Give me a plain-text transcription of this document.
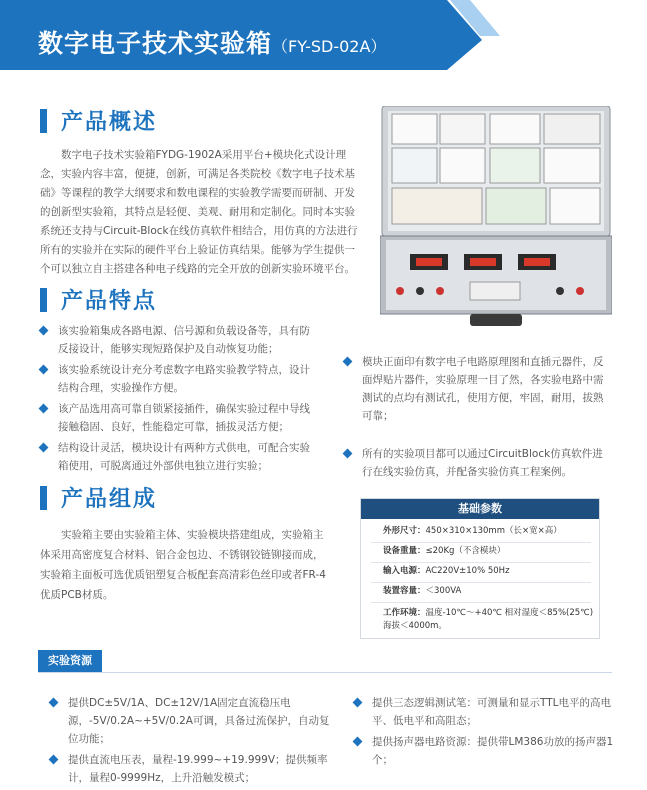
数字电子技术实验箱（FY-SD-02A）
产品概述
数字电子技术实验箱FYDG-1902A采用平台+模块化式设计理念，实验内容丰富，便捷，创新，可满足各类院校《数字电子技术基础》等课程的教学大纲要求和数电课程的实验教学需要而研制、开发的创新型实验箱，其特点是轻便、美观、耐用和定制化。同时本实验系统还支持与Circuit-Block在线仿真软件相结合，用仿真的方法进行所有的实验并在实际的硬件平台上验证仿真结果。能够为学生提供一个可以独立自主搭建各种电子线路的完全开放的创新实验环境平台。
产品特点
该实验箱集成各路电源、信号源和负载设备等，具有防反接设计，能够实现短路保护及自动恢复功能；
该实验系统设计充分考虑数字电路实验教学特点，设计结构合理，实验操作方便。
该产品选用高可靠自锁紧接插件，确保实验过程中导线接触稳固、良好，性能稳定可靠，插拔灵活方便；
结构设计灵活，模块设计有两种方式供电，可配合实验箱使用，可脱离通过外部供电独立进行实验；
模块正面印有数字电子电路原理图和直插元器件，反面焊贴片器件，实验原理一目了然，各实验电路中需测试的点均有测试孔，使用方便，牢固，耐用，拔熟可靠；
所有的实验项目都可以通过CircuitBlock仿真软件进行在线实验仿真，并配备实验仿真工程案例。
产品组成
实验箱主要由实验箱主体、实验模块搭建组成，实验箱主体采用高密度复合材料、铝合金包边、不锈钢铰链铆接而成，实验箱主面板可选优质铝塑复合板配套高清彩色丝印或者FR-4优质PCB材质。
基础参数
外形尺寸：450×310×130mm（长×宽×高）
设备重量：≤20Kg（不含模块）
输入电源：AC220V±10% 50Hz
装置容量：＜300VA
工作环境：温度-10℃～+40℃ 相对湿度＜85%(25℃)
海拔＜4000m。
实验资源
提供DC±5V/1A、DC±12V/1A固定直流稳压电源，-5V/0.2A~+5V/0.2A可调，具备过流保护，自动复位功能；
提供直流电压表，量程-19.999~+19.999V；提供频率计，量程0-9999Hz，上升沿触发模式；
提供三态逻辑测试笔：可测量和显示TTL电平的高电平、低电平和高阻态；
提供扬声器电路资源：提供带LM386功放的扬声器1个；
